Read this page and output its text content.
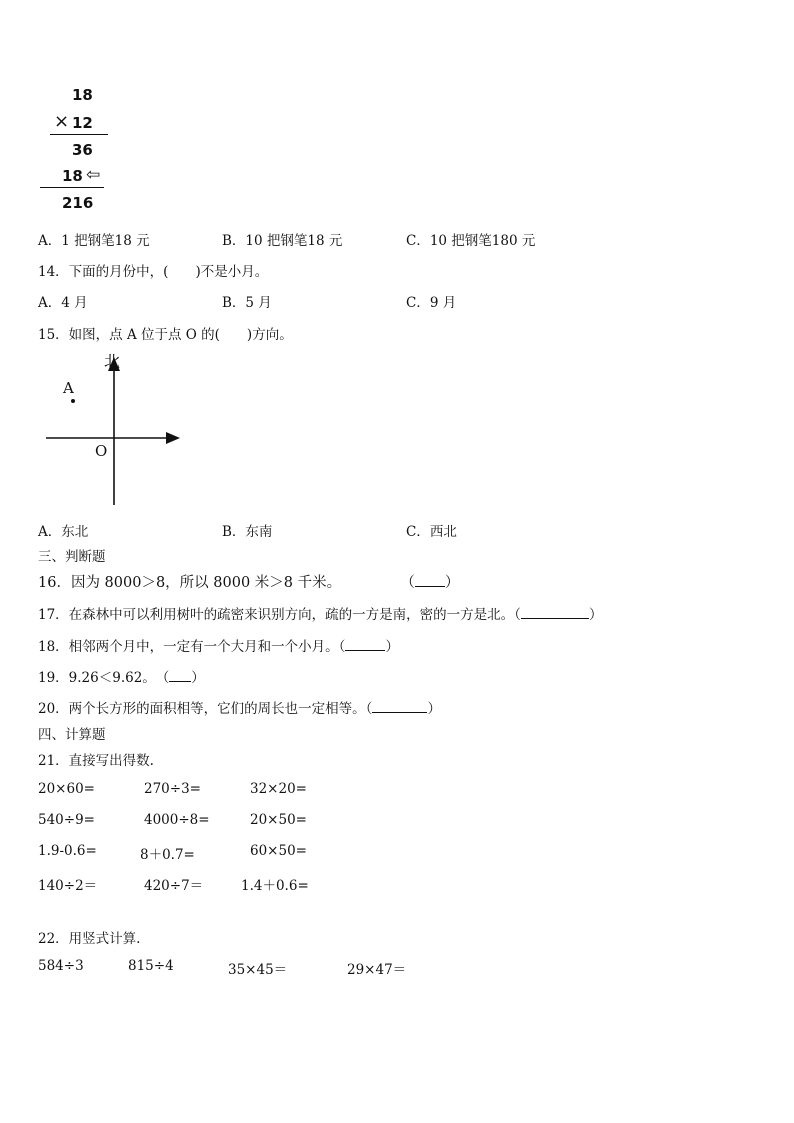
18
× 12
36
18 ⇦
216
A．1 把钢笔18 元	B．10 把钢笔18 元	C．10 把钢笔180 元
14．下面的月份中，(　　)不是小月。
A．4 月	B．5 月	C．9 月
15．如图，点 A 位于点 O 的(　　)方向。
北
A
O
A．东北	B．东南	C．西北
三、判断题
16．因为 8000＞8，所以 8000 米＞8 千米。	（ ）
17．在森林中可以利用树叶的疏密来识别方向，疏的一方是南，密的一方是北。（	）
18．相邻两个月中，一定有一个大月和一个小月。（	）
19．9.26＜9.62。　（ ）
20．两个长方形的面积相等，它们的周长也一定相等。（	）
四、计算题
21．直接写出得数.
20×60=	270÷3=	32×20=
540÷9=	4000÷8=	20×50=
1.9-0.6=	8＋0.7=	60×50=
140÷2＝	420÷7＝	1.4＋0.6=
22．用竖式计算.
584÷3	815÷4	35×45＝	29×47＝
